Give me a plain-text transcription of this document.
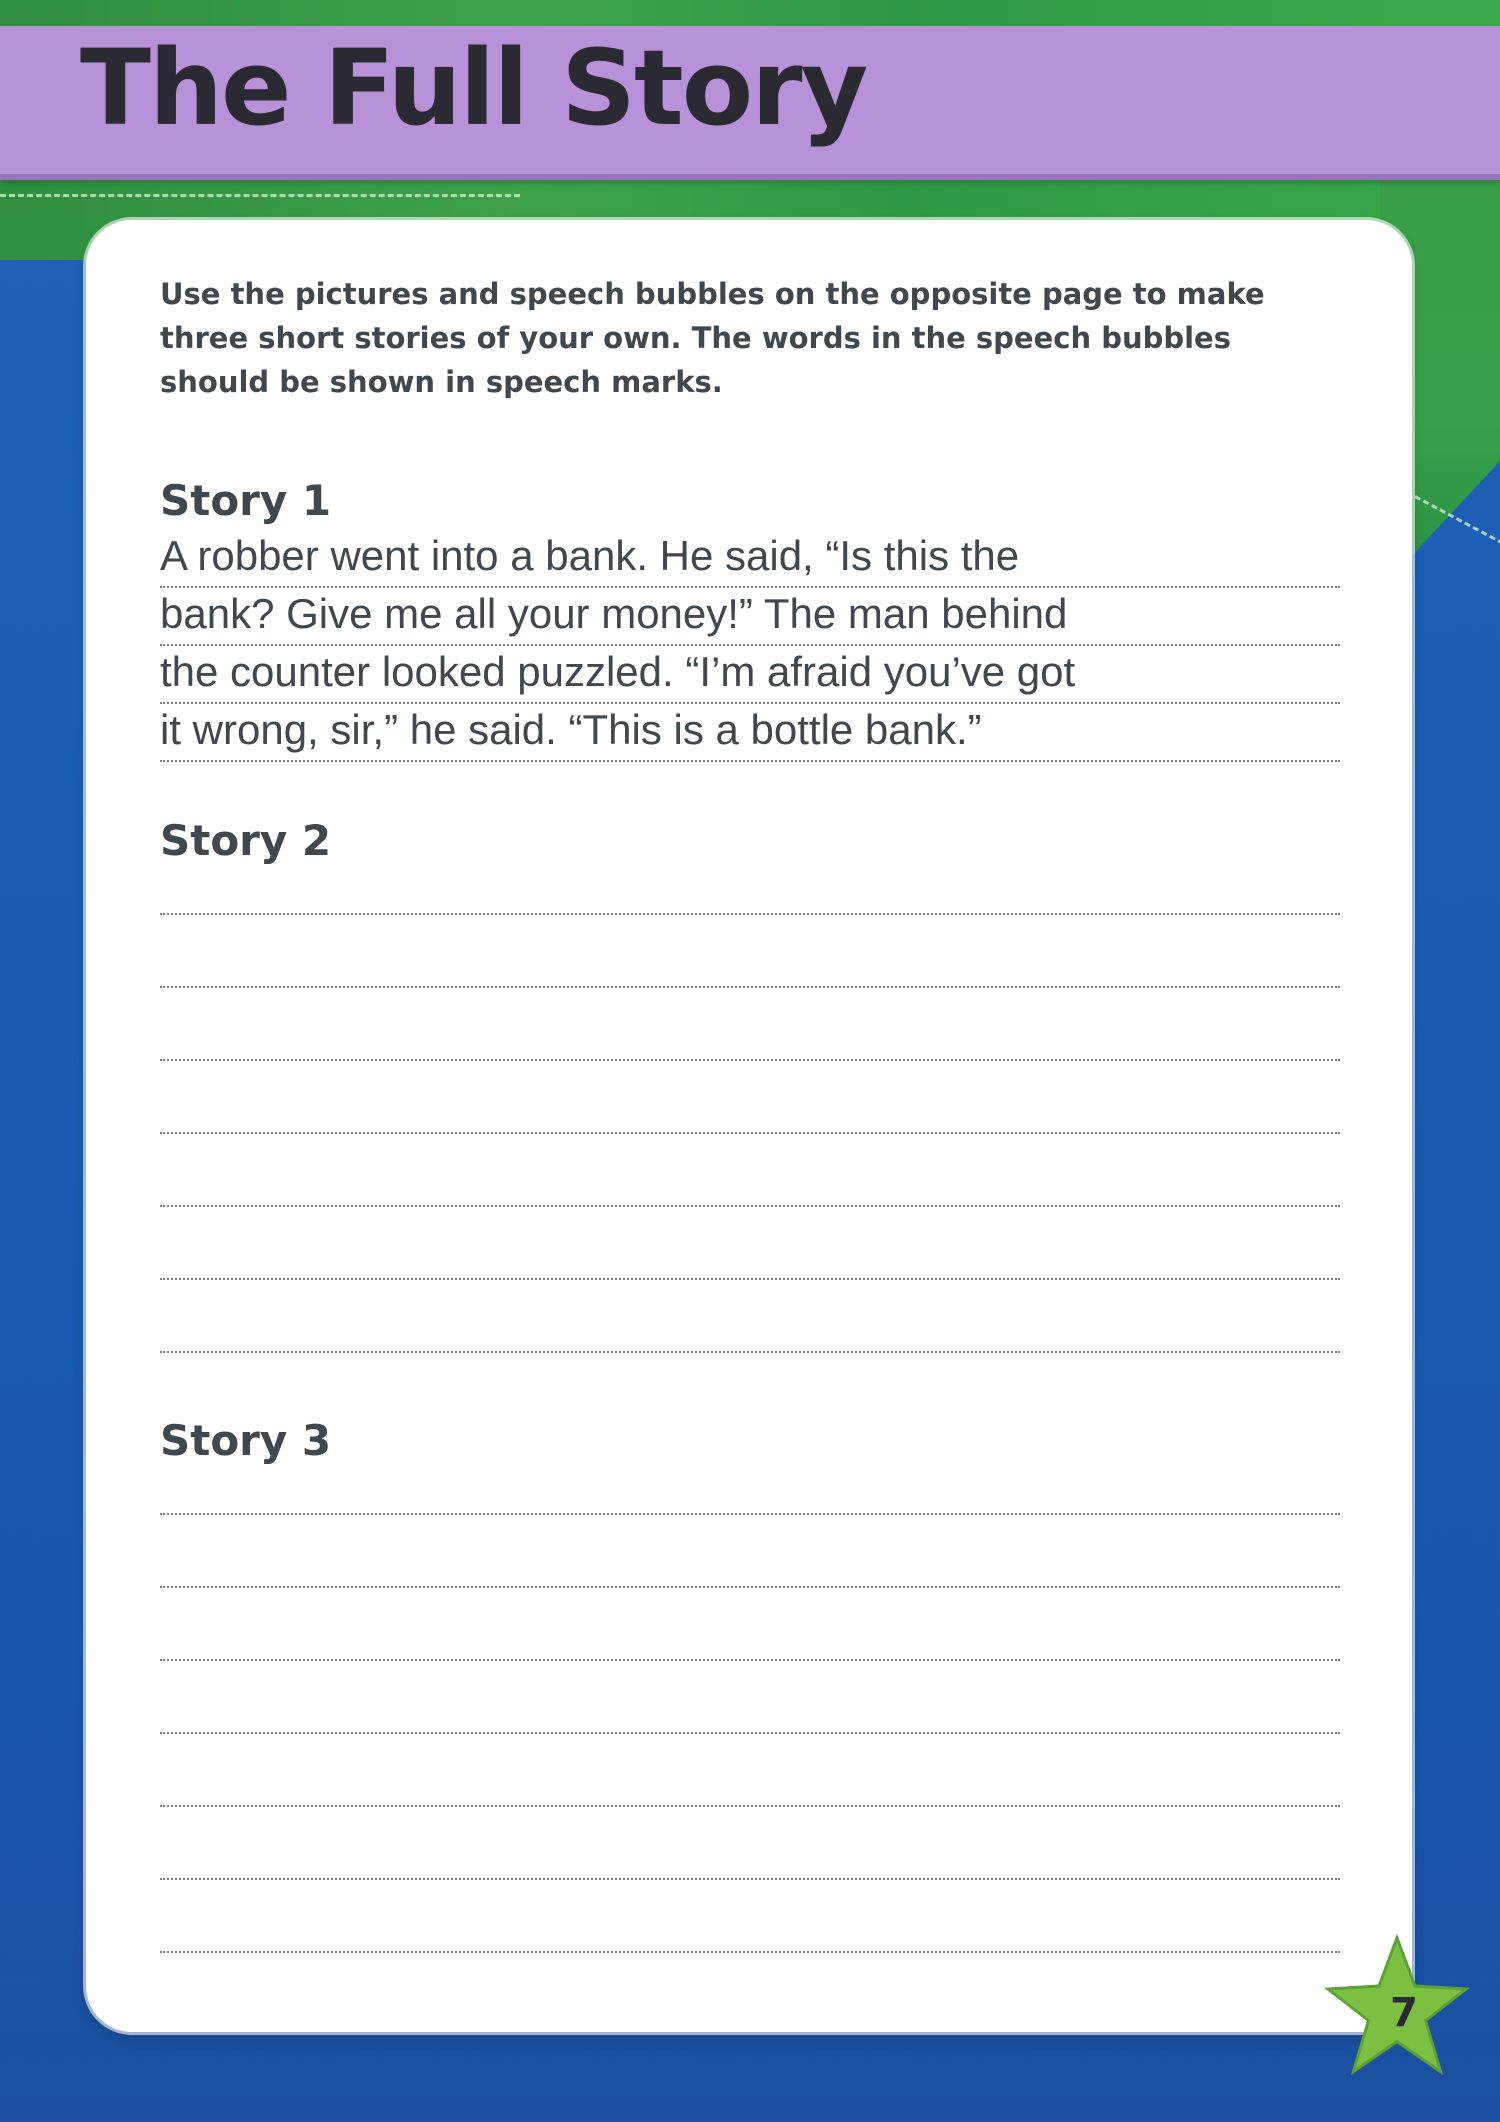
The Full Story

Use the pictures and speech bubbles on the opposite page to make three short stories of your own. The words in the speech bubbles should be shown in speech marks.

Story 1
A robber went into a bank. He said, “Is this the
bank? Give me all your money!” The man behind
the counter looked puzzled. “I’m afraid you’ve got
it wrong, sir,” he said. “This is a bottle bank.”
Story 2
Story 3
7
